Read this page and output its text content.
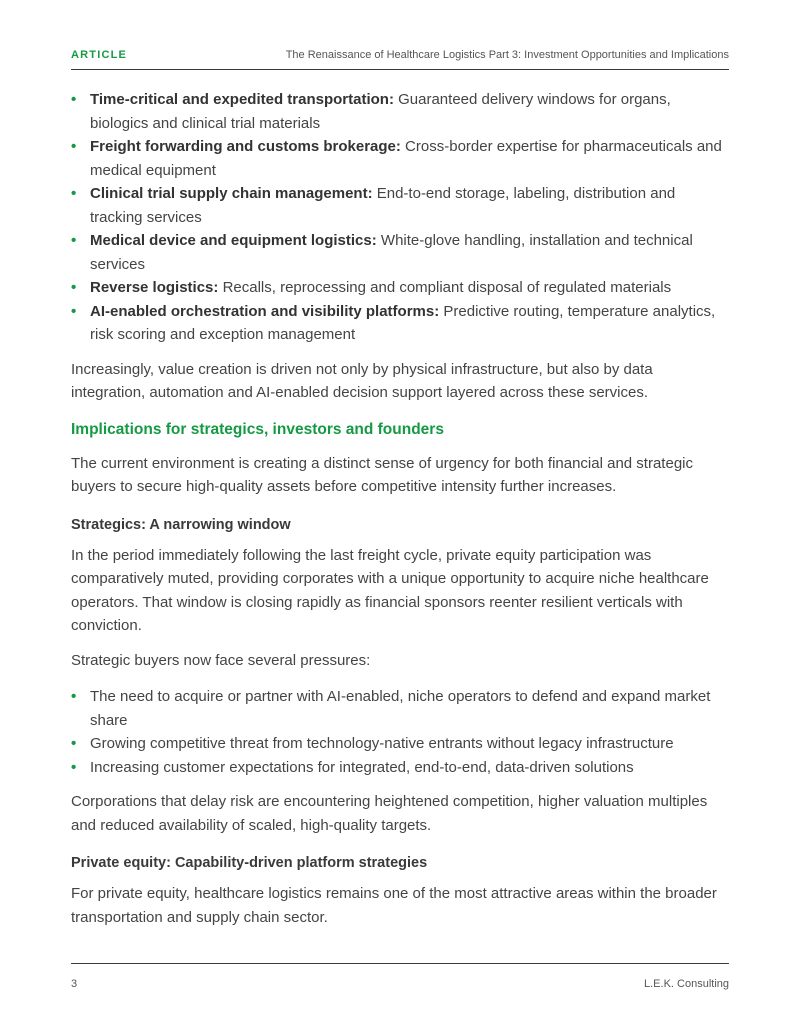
ARTICLE	The Renaissance of Healthcare Logistics Part 3: Investment Opportunities and Implications
• Time-critical and expedited transportation: Guaranteed delivery windows for organs, biologics and clinical trial materials
• Freight forwarding and customs brokerage: Cross-border expertise for pharmaceuticals and medical equipment
• Clinical trial supply chain management: End-to-end storage, labeling, distribution and tracking services
• Medical device and equipment logistics: White-glove handling, installation and technical services
• Reverse logistics: Recalls, reprocessing and compliant disposal of regulated materials
• AI-enabled orchestration and visibility platforms: Predictive routing, temperature analytics, risk scoring and exception management

Increasingly, value creation is driven not only by physical infrastructure, but also by data integration, automation and AI-enabled decision support layered across these services.

Implications for strategics, investors and founders

The current environment is creating a distinct sense of urgency for both financial and strategic buyers to secure high-quality assets before competitive intensity further increases.

Strategics: A narrowing window

In the period immediately following the last freight cycle, private equity participation was comparatively muted, providing corporates with a unique opportunity to acquire niche healthcare operators. That window is closing rapidly as financial sponsors reenter resilient verticals with conviction.

Strategic buyers now face several pressures:

• The need to acquire or partner with AI-enabled, niche operators to defend and expand market share
• Growing competitive threat from technology-native entrants without legacy infrastructure
• Increasing customer expectations for integrated, end-to-end, data-driven solutions

Corporations that delay risk are encountering heightened competition, higher valuation multiples and reduced availability of scaled, high-quality targets.

Private equity: Capability-driven platform strategies

For private equity, healthcare logistics remains one of the most attractive areas within the broader transportation and supply chain sector.

3	L.E.K. Consulting
